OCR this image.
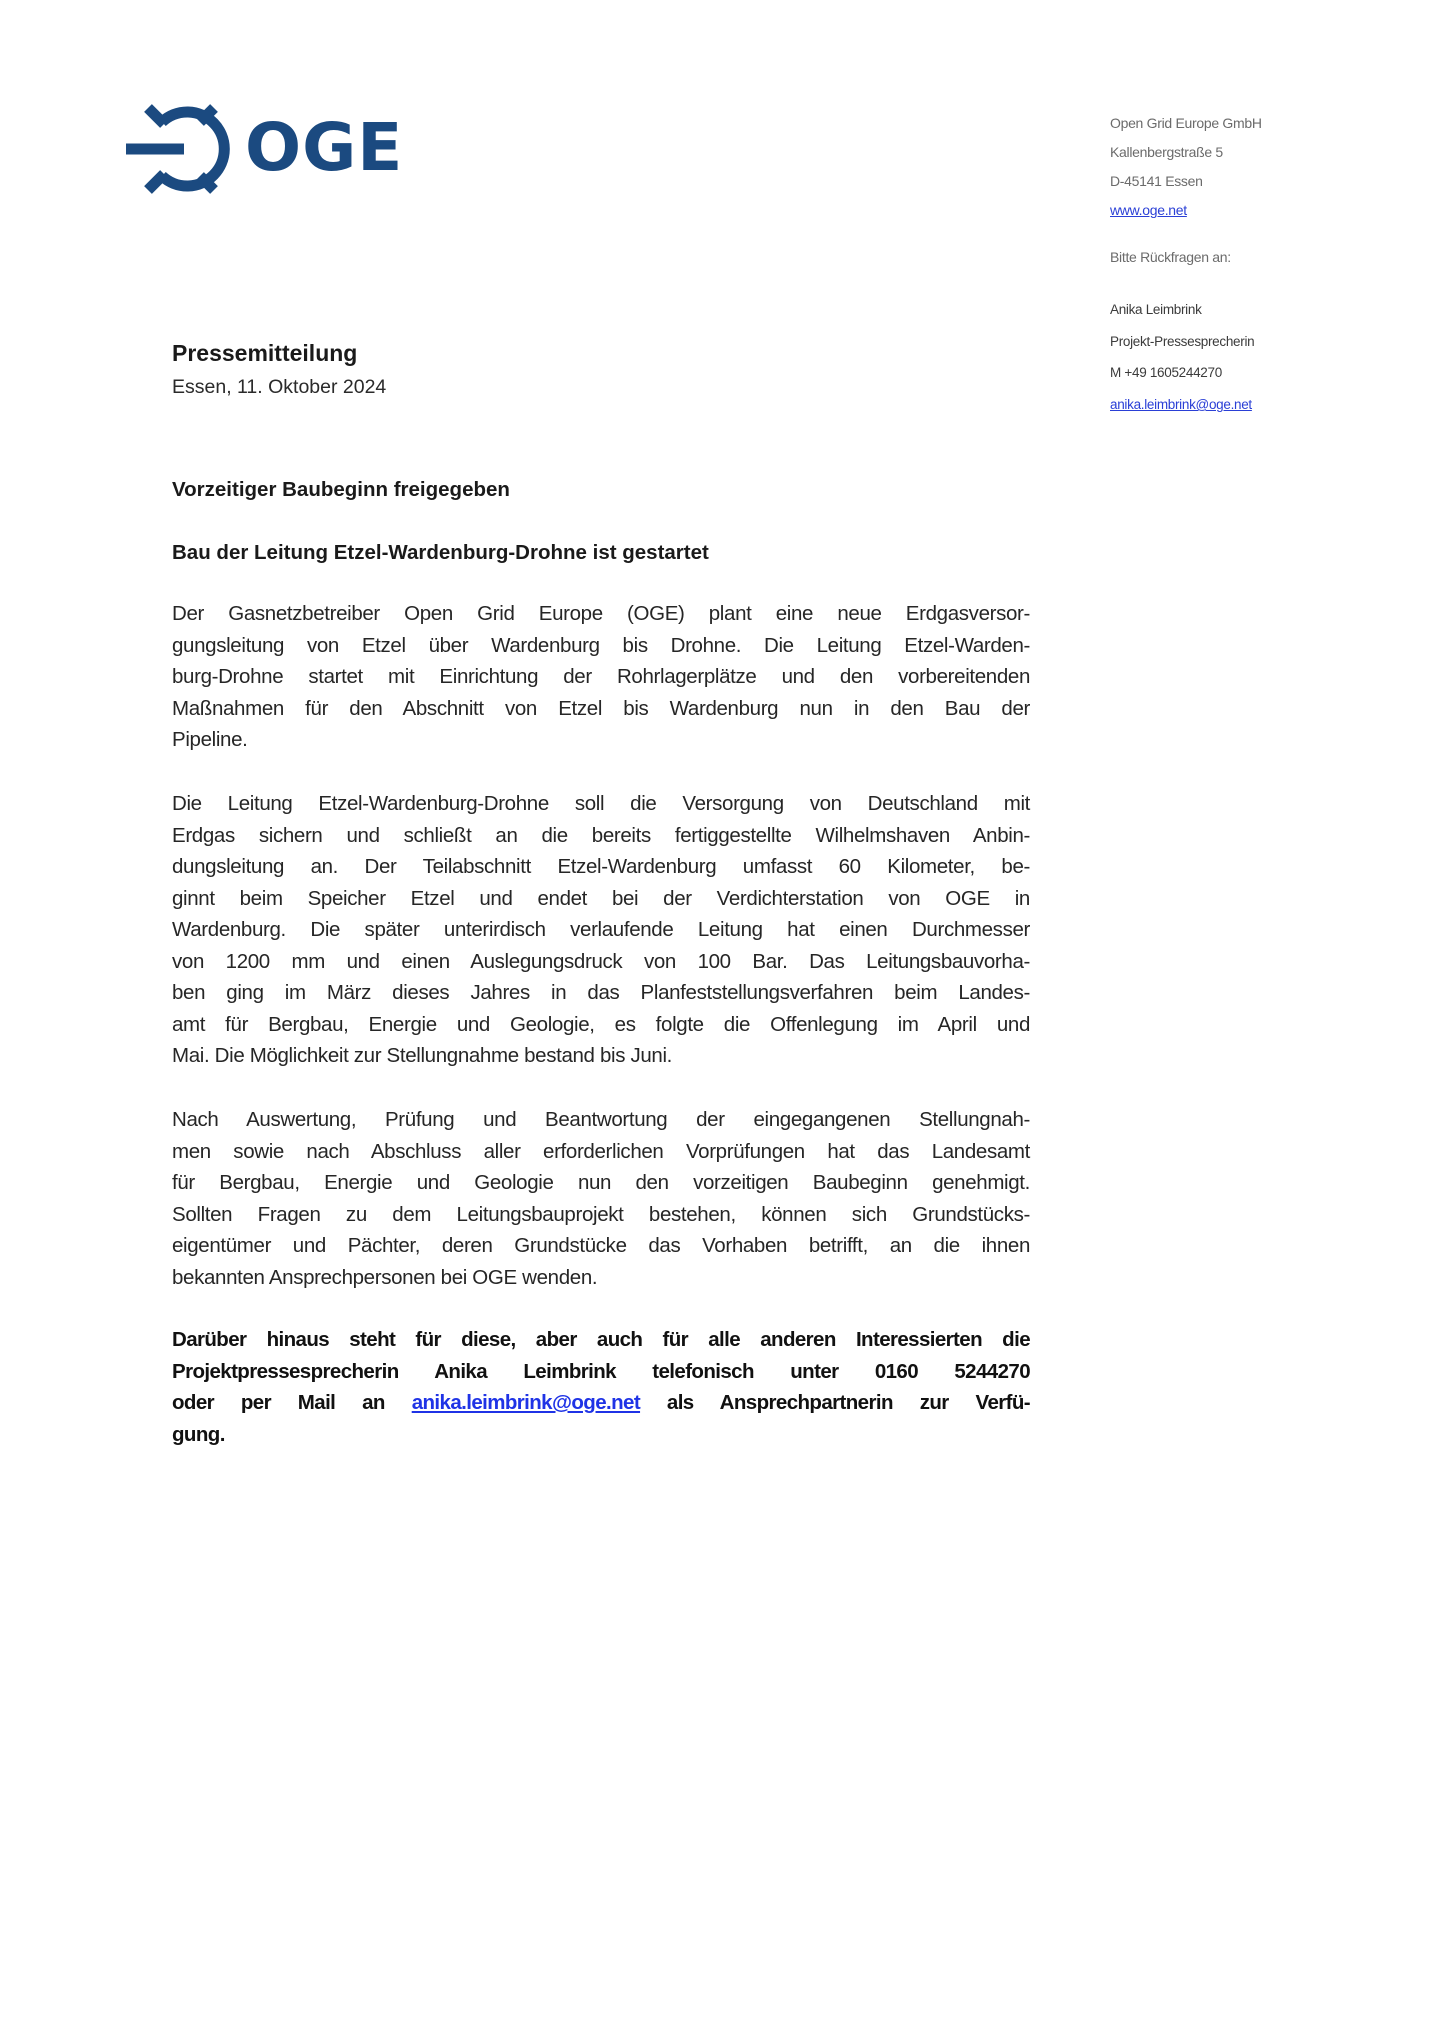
OGE	Open Grid Europe GmbH
Kallenbergstraße 5
D-45141 Essen
www.oge.net
Bitte Rückfragen an:
Anika Leimbrink
Projekt-Pressesprecherin
M +49 1605244270
anika.leimbrink@oge.net
Pressemitteilung
Essen, 11. Oktober 2024
Vorzeitiger Baubeginn freigegeben
Bau der Leitung Etzel-Wardenburg-Drohne ist gestartet
Der Gasnetzbetreiber Open Grid Europe (OGE) plant eine neue Erdgasversor-
gungsleitung von Etzel über Wardenburg bis Drohne. Die Leitung Etzel-Warden-
burg-Drohne startet mit Einrichtung der Rohrlagerplätze und den vorbereitenden
Maßnahmen für den Abschnitt von Etzel bis Wardenburg nun in den Bau der
Pipeline.
Die Leitung Etzel-Wardenburg-Drohne soll die Versorgung von Deutschland mit
Erdgas sichern und schließt an die bereits fertiggestellte Wilhelmshaven Anbin-
dungsleitung an. Der Teilabschnitt Etzel-Wardenburg umfasst 60 Kilometer, be-
ginnt beim Speicher Etzel und endet bei der Verdichterstation von OGE in
Wardenburg. Die später unterirdisch verlaufende Leitung hat einen Durchmesser
von 1200 mm und einen Auslegungsdruck von 100 Bar. Das Leitungsbauvorha-
ben ging im März dieses Jahres in das Planfeststellungsverfahren beim Landes-
amt für Bergbau, Energie und Geologie, es folgte die Offenlegung im April und
Mai. Die Möglichkeit zur Stellungnahme bestand bis Juni.
Nach Auswertung, Prüfung und Beantwortung der eingegangenen Stellungnah-
men sowie nach Abschluss aller erforderlichen Vorprüfungen hat das Landesamt
für Bergbau, Energie und Geologie nun den vorzeitigen Baubeginn genehmigt.
Sollten Fragen zu dem Leitungsbauprojekt bestehen, können sich Grundstücks-
eigentümer und Pächter, deren Grundstücke das Vorhaben betrifft, an die ihnen
bekannten Ansprechpersonen bei OGE wenden.
Darüber hinaus steht für diese, aber auch für alle anderen Interessierten die
Projektpressesprecherin Anika Leimbrink telefonisch unter 0160 5244270
oder per Mail an anika.leimbrink@oge.net als Ansprechpartnerin zur Verfü-
gung.
